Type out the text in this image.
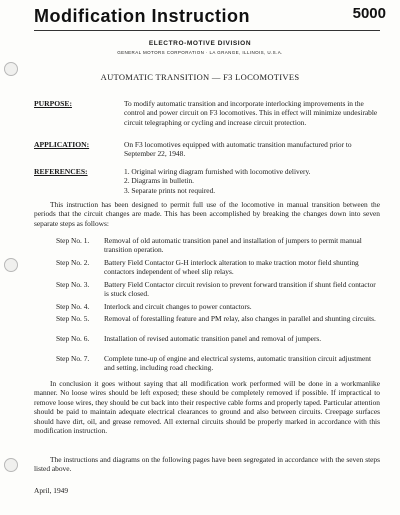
Modification Instruction	5000
ELECTRO-MOTIVE DIVISION
GENERAL MOTORS CORPORATION · LA GRANGE, ILLINOIS, U.S.A.
AUTOMATIC TRANSITION — F3 LOCOMOTIVES
PURPOSE:	To modify automatic transition and incorporate interlocking improvements in the control and power circuit on F3 locomotives. This in effect will minimize undesirable circuit telegraphing or cycling and increase circuit protection.
APPLICATION:	On F3 locomotives equipped with automatic transition manufactured prior to September 22, 1948.
REFERENCES:	1. Original wiring diagram furnished with locomotive delivery.
2. Diagrams in bulletin.
3. Separate prints not required.
This instruction has been designed to permit full use of the locomotive in manual transition between the periods that the circuit changes are made. This has been accomplished by breaking the changes down into seven separate steps as follows:
Step No. 1. Removal of old automatic transition panel and installation of jumpers to permit manual transition operation.
Step No. 2. Battery Field Contactor G-H interlock alteration to make traction motor field shunting contactors independent of wheel slip relays.
Step No. 3. Battery Field Contactor circuit revision to prevent forward transition if shunt field contactor is stuck closed.
Step No. 4. Interlock and circuit changes to power contactors.
Step No. 5. Removal of forestalling feature and PM relay, also changes in parallel and shunting circuits.
Step No. 6. Installation of revised automatic transition panel and removal of jumpers.
Step No. 7. Complete tune-up of engine and electrical systems, automatic transition circuit adjustment and setting, including road checking.
In conclusion it goes without saying that all modification work performed will be done in a workmanlike manner. No loose wires should be left exposed; these should be completely removed if possible. If impractical to remove loose wires, they should be cut back into their respective cable forms and properly taped. Particular attention should be paid to maintain adequate electrical clearances to ground and also between circuits. Creepage surfaces should have dirt, oil, and grease removed. All external circuits should be properly marked in accordance with this modification instruction.
The instructions and diagrams on the following pages have been segregated in accordance with the seven steps listed above.
April, 1949
